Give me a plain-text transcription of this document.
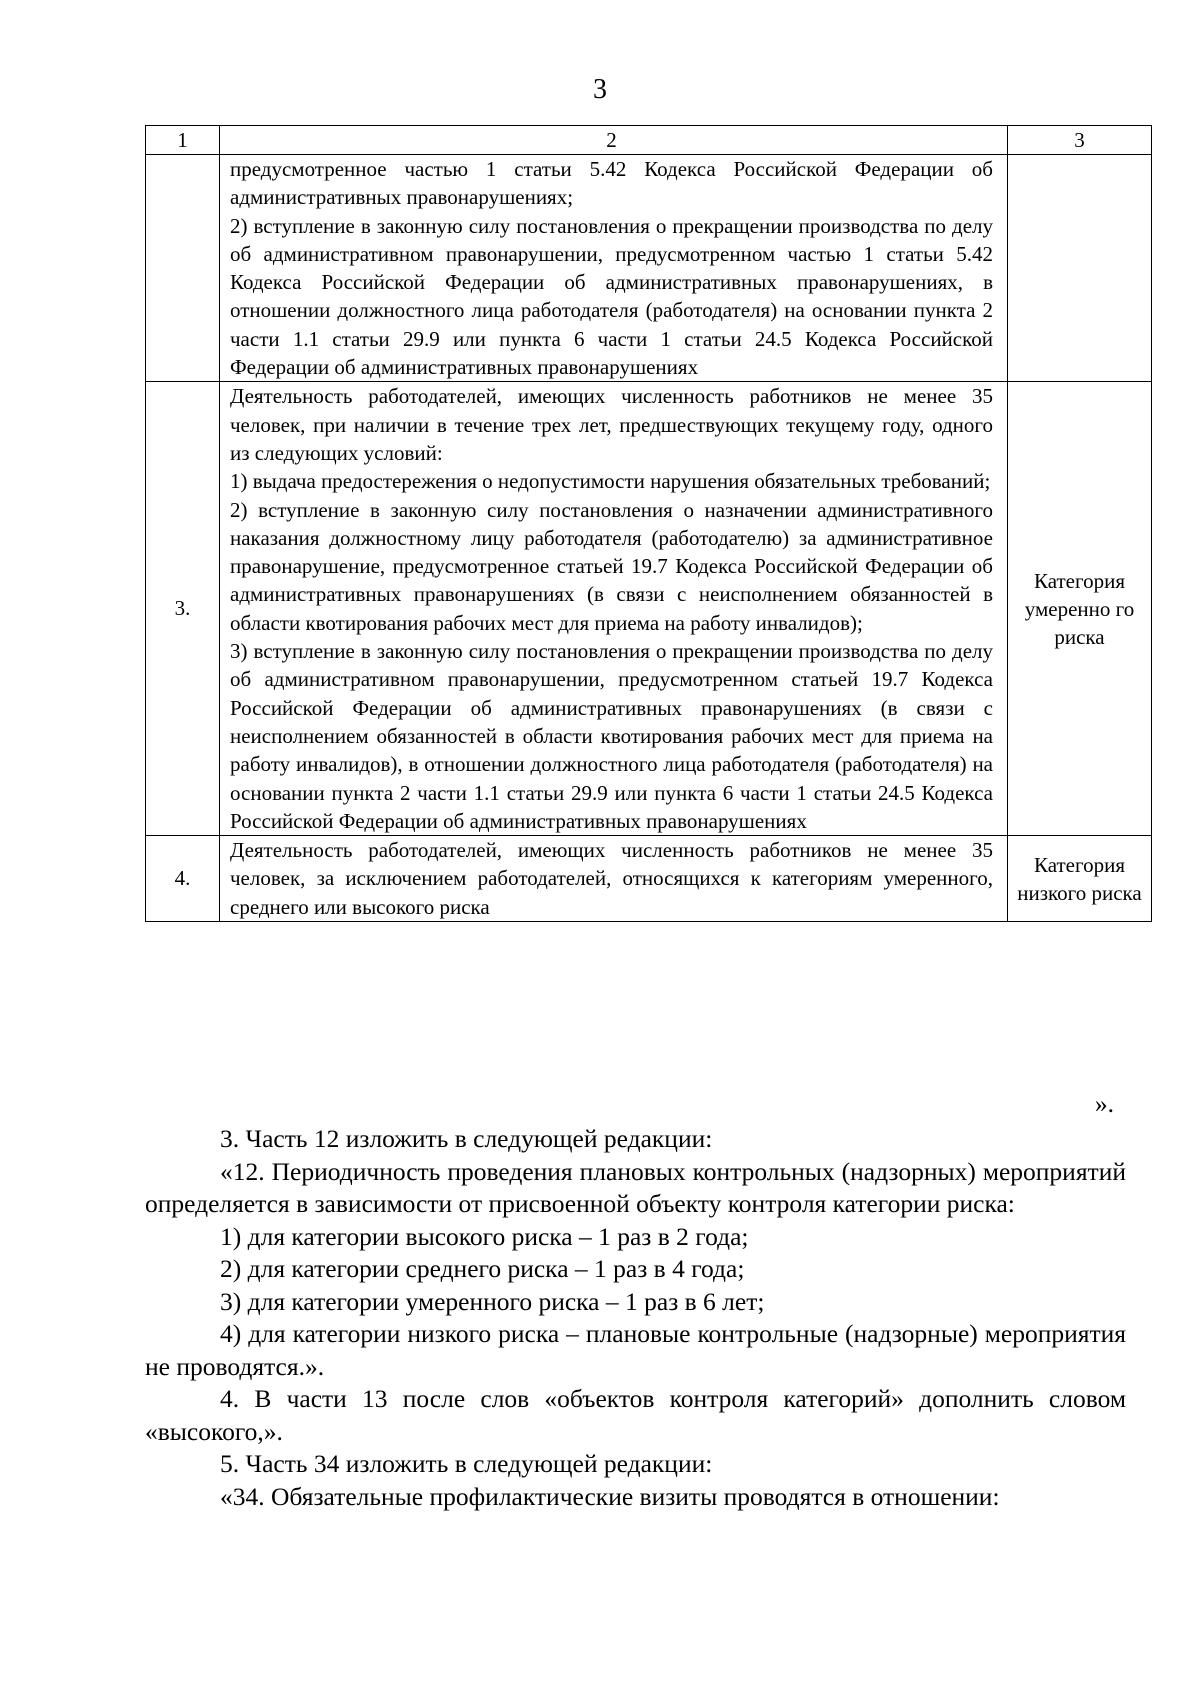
3
1	2	3

	предусмотренное частью 1 статьи 5.42 Кодекса Российской Федерации об административных правонарушениях;
2) вступление в законную силу постановления о прекращении производства по делу об административном правонарушении, предусмотренном частью 1 статьи 5.42 Кодекса Российской Федерации об административных правонарушениях, в отношении должностного лица работодателя (работодателя) на основании пункта 2 части 1.1 статьи 29.9 или пункта 6 части 1 статьи 24.5 Кодекса Российской Федерации об административных правонарушениях	

3.	Деятельность работодателей, имеющих численность работников не менее 35 человек, при наличии в течение трех лет, предшествующих текущему году, одного из следующих условий:
1) выдача предостережения о недопустимости нарушения обязательных требований;
2) вступление в законную силу постановления о назначении административного наказания должностному лицу работодателя (работодателю) за административное правонарушение, предусмотренное статьей 19.7 Кодекса Российской Федерации об административных правонарушениях (в связи с неисполнением обязанностей в области квотирования рабочих мест для приема на работу инвалидов);
3) вступление в законную силу постановления о прекращении производства по делу об административном правонарушении, предусмотренном статьей 19.7 Кодекса Российской Федерации об административных правонарушениях (в связи с неисполнением обязанностей в области квотирования рабочих мест для приема на работу инвалидов), в отношении должностного лица работодателя (работодателя) на основании пункта 2 части 1.1 статьи 29.9 или пункта 6 части 1 статьи 24.5 Кодекса Российской Федерации об административных правонарушениях	Категория умеренно го риска
4.	Деятельность работодателей, имеющих численность работников не менее 35 человек, за исключением работодателей, относящихся к категориям умеренного, среднего или высокого риска	Категория низкого риска
».
3. Часть 12 изложить в следующей редакции:
«12. Периодичность проведения плановых контрольных (надзорных) мероприятий определяется в зависимости от присвоенной объекту контроля категории риска:
1) для категории высокого риска – 1 раз в 2 года;
2) для категории среднего риска – 1 раз в 4 года;
3) для категории умеренного риска – 1 раз в 6 лет;
4) для категории низкого риска – плановые контрольные (надзорные) мероприятия не проводятся.».
4. В части 13 после слов «объектов контроля категорий» дополнить словом «высокого,».
5. Часть 34 изложить в следующей редакции:
«34. Обязательные профилактические визиты проводятся в отношении:
